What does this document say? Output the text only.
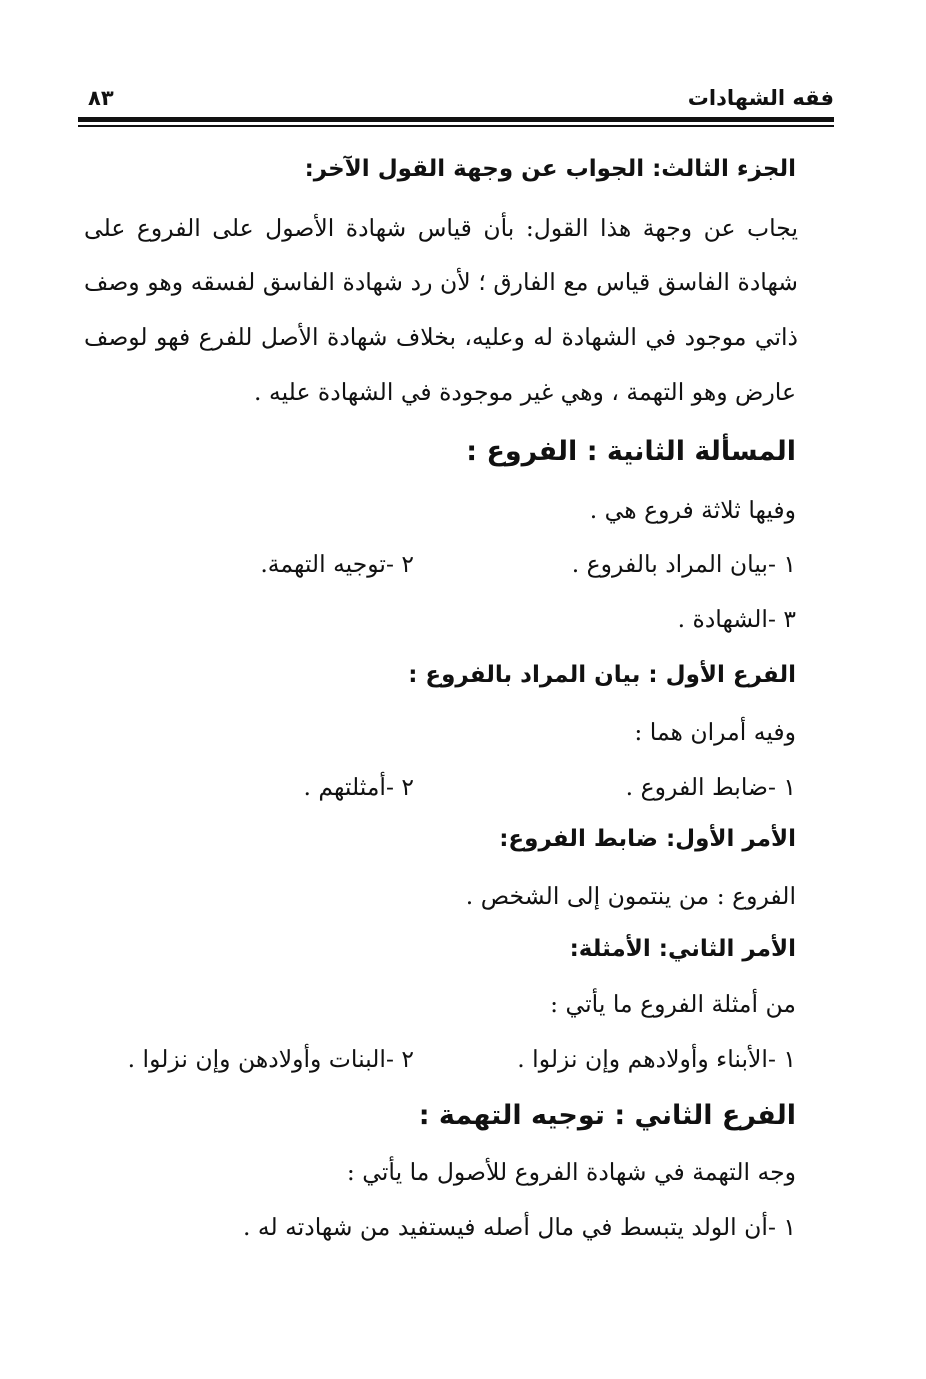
فقه الشهادات
٨٣
الجزء الثالث: الجواب عن وجهة القول الآخر:
يجاب عن وجهة هذا القول: بأن قياس شهادة الأصول على الفروع على
شهادة الفاسق قياس مع الفارق ؛ لأن رد شهادة الفاسق لفسقه وهو وصف
ذاتي موجود في الشهادة له وعليه، بخلاف شهادة الأصل للفرع فهو لوصف
عارض وهو التهمة ، وهي غير موجودة في الشهادة عليه .
المسألة الثانية : الفروع :
وفيها ثلاثة فروع هي .
١ -بيان المراد بالفروع .
٢ -توجيه التهمة.
٣ -الشهادة .
الفرع الأول : بيان المراد بالفروع :
وفيه أمران هما :
١ -ضابط الفروع .
٢ -أمثلتهم .
الأمر الأول: ضابط الفروع:
الفروع : من ينتمون إلى الشخص .
الأمر الثاني: الأمثلة:
من أمثلة الفروع ما يأتي :
١ -الأبناء وأولادهم وإن نزلوا .
٢ -البنات وأولادهن وإن نزلوا .
الفرع الثاني : توجيه التهمة :
وجه التهمة في شهادة الفروع للأصول ما يأتي :
١ -أن الولد يتبسط في مال أصله فيستفيد من شهادته له .
